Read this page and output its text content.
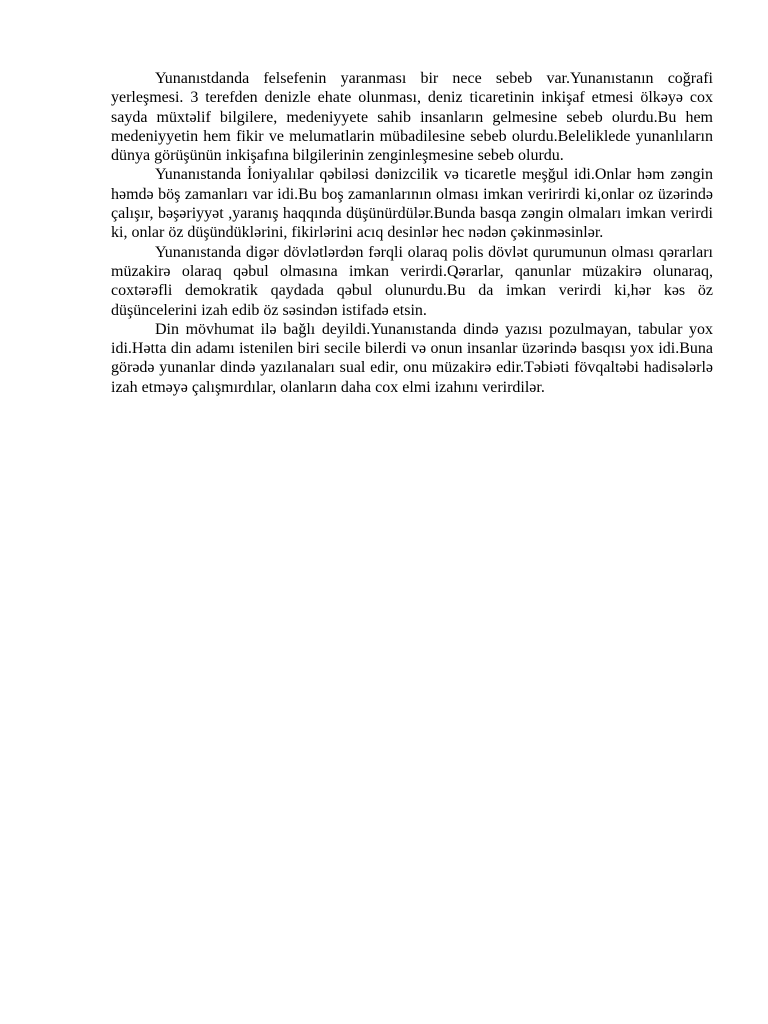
Yunanıstdanda felsefenin yaranması bir nece sebeb var.Yunanıstanın coğrafi yerleşmesi. 3 terefden denizle ehate olunması, deniz ticaretinin inkişaf etmesi ölkəyə cox sayda müxtəlif bilgilere, medeniyyete sahib insanların gelmesine sebeb olurdu.Bu hem medeniyyetin hem fikir ve melumatlarin mübadilesine sebeb olurdu.Beleliklede yunanlıların dünya görüşünün inkişafına bilgilerinin zenginleşmesine sebeb olurdu.

Yunanıstanda İoniyalılar qəbiləsi dənizcilik və ticaretle meşğul idi.Onlar həm zəngin həmdə böş zamanları var idi.Bu boş zamanlarının olması imkan veririrdi ki,onlar oz üzərində çalışır, bəşəriyyət ,yaranış haqqında düşünürdülər.Bunda basqa zəngin olmaları imkan verirdi ki, onlar öz düşündüklərini, fikirlərini acıq desinlər hec nədən çəkinməsinlər.

Yunanıstanda digər dövlətlərdən fərqli olaraq polis dövlət qurumunun olması qərarları müzakirə olaraq qəbul olmasına imkan verirdi.Qərarlar, qanunlar müzakirə olunaraq, coxtərəfli demokratik qaydada qəbul olunurdu.Bu da imkan verirdi ki,hər kəs öz düşüncelerini izah edib öz səsindən istifadə etsin.

Din mövhumat ilə bağlı deyildi.Yunanıstanda dində yazısı pozulmayan, tabular yox idi.Hətta din adamı istenilen biri secile bilerdi və onun insanlar üzərində basqısı yox idi.Buna görədə yunanlar dində yazılanaları sual edir, onu müzakirə edir.Təbiəti fövqaltəbi hadisələrlə izah etməyə çalışmırdılar, olanların daha cox elmi izahını verirdilər.
